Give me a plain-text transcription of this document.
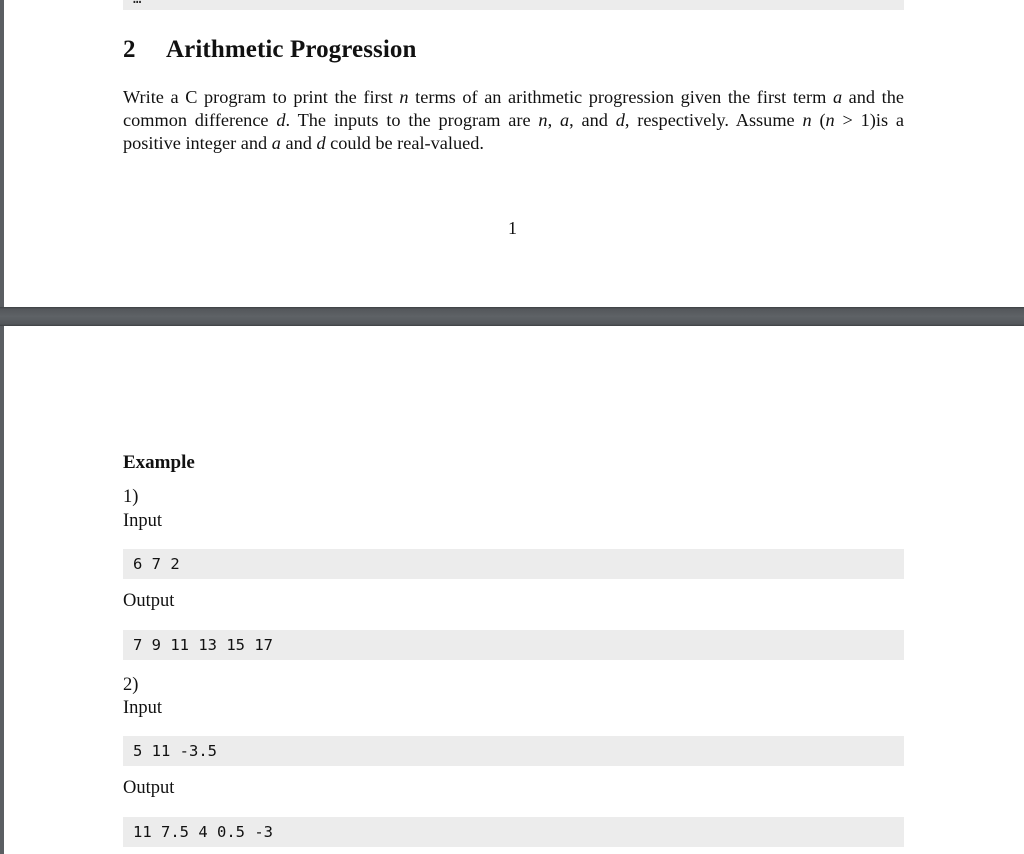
2 Arithmetic Progression

Write a C program to print the first n terms of an arithmetic progression given the first term a and the common difference d. The inputs to the program are n, a, and d, respectively. Assume n (n > 1)is a positive integer and a and d could be real-valued.

1
Example

1)

Input

6 7 2

Output

7 9 11 13 15 17

2)

Input

5 11 -3.5

Output

11 7.5 4 0.5 -3
